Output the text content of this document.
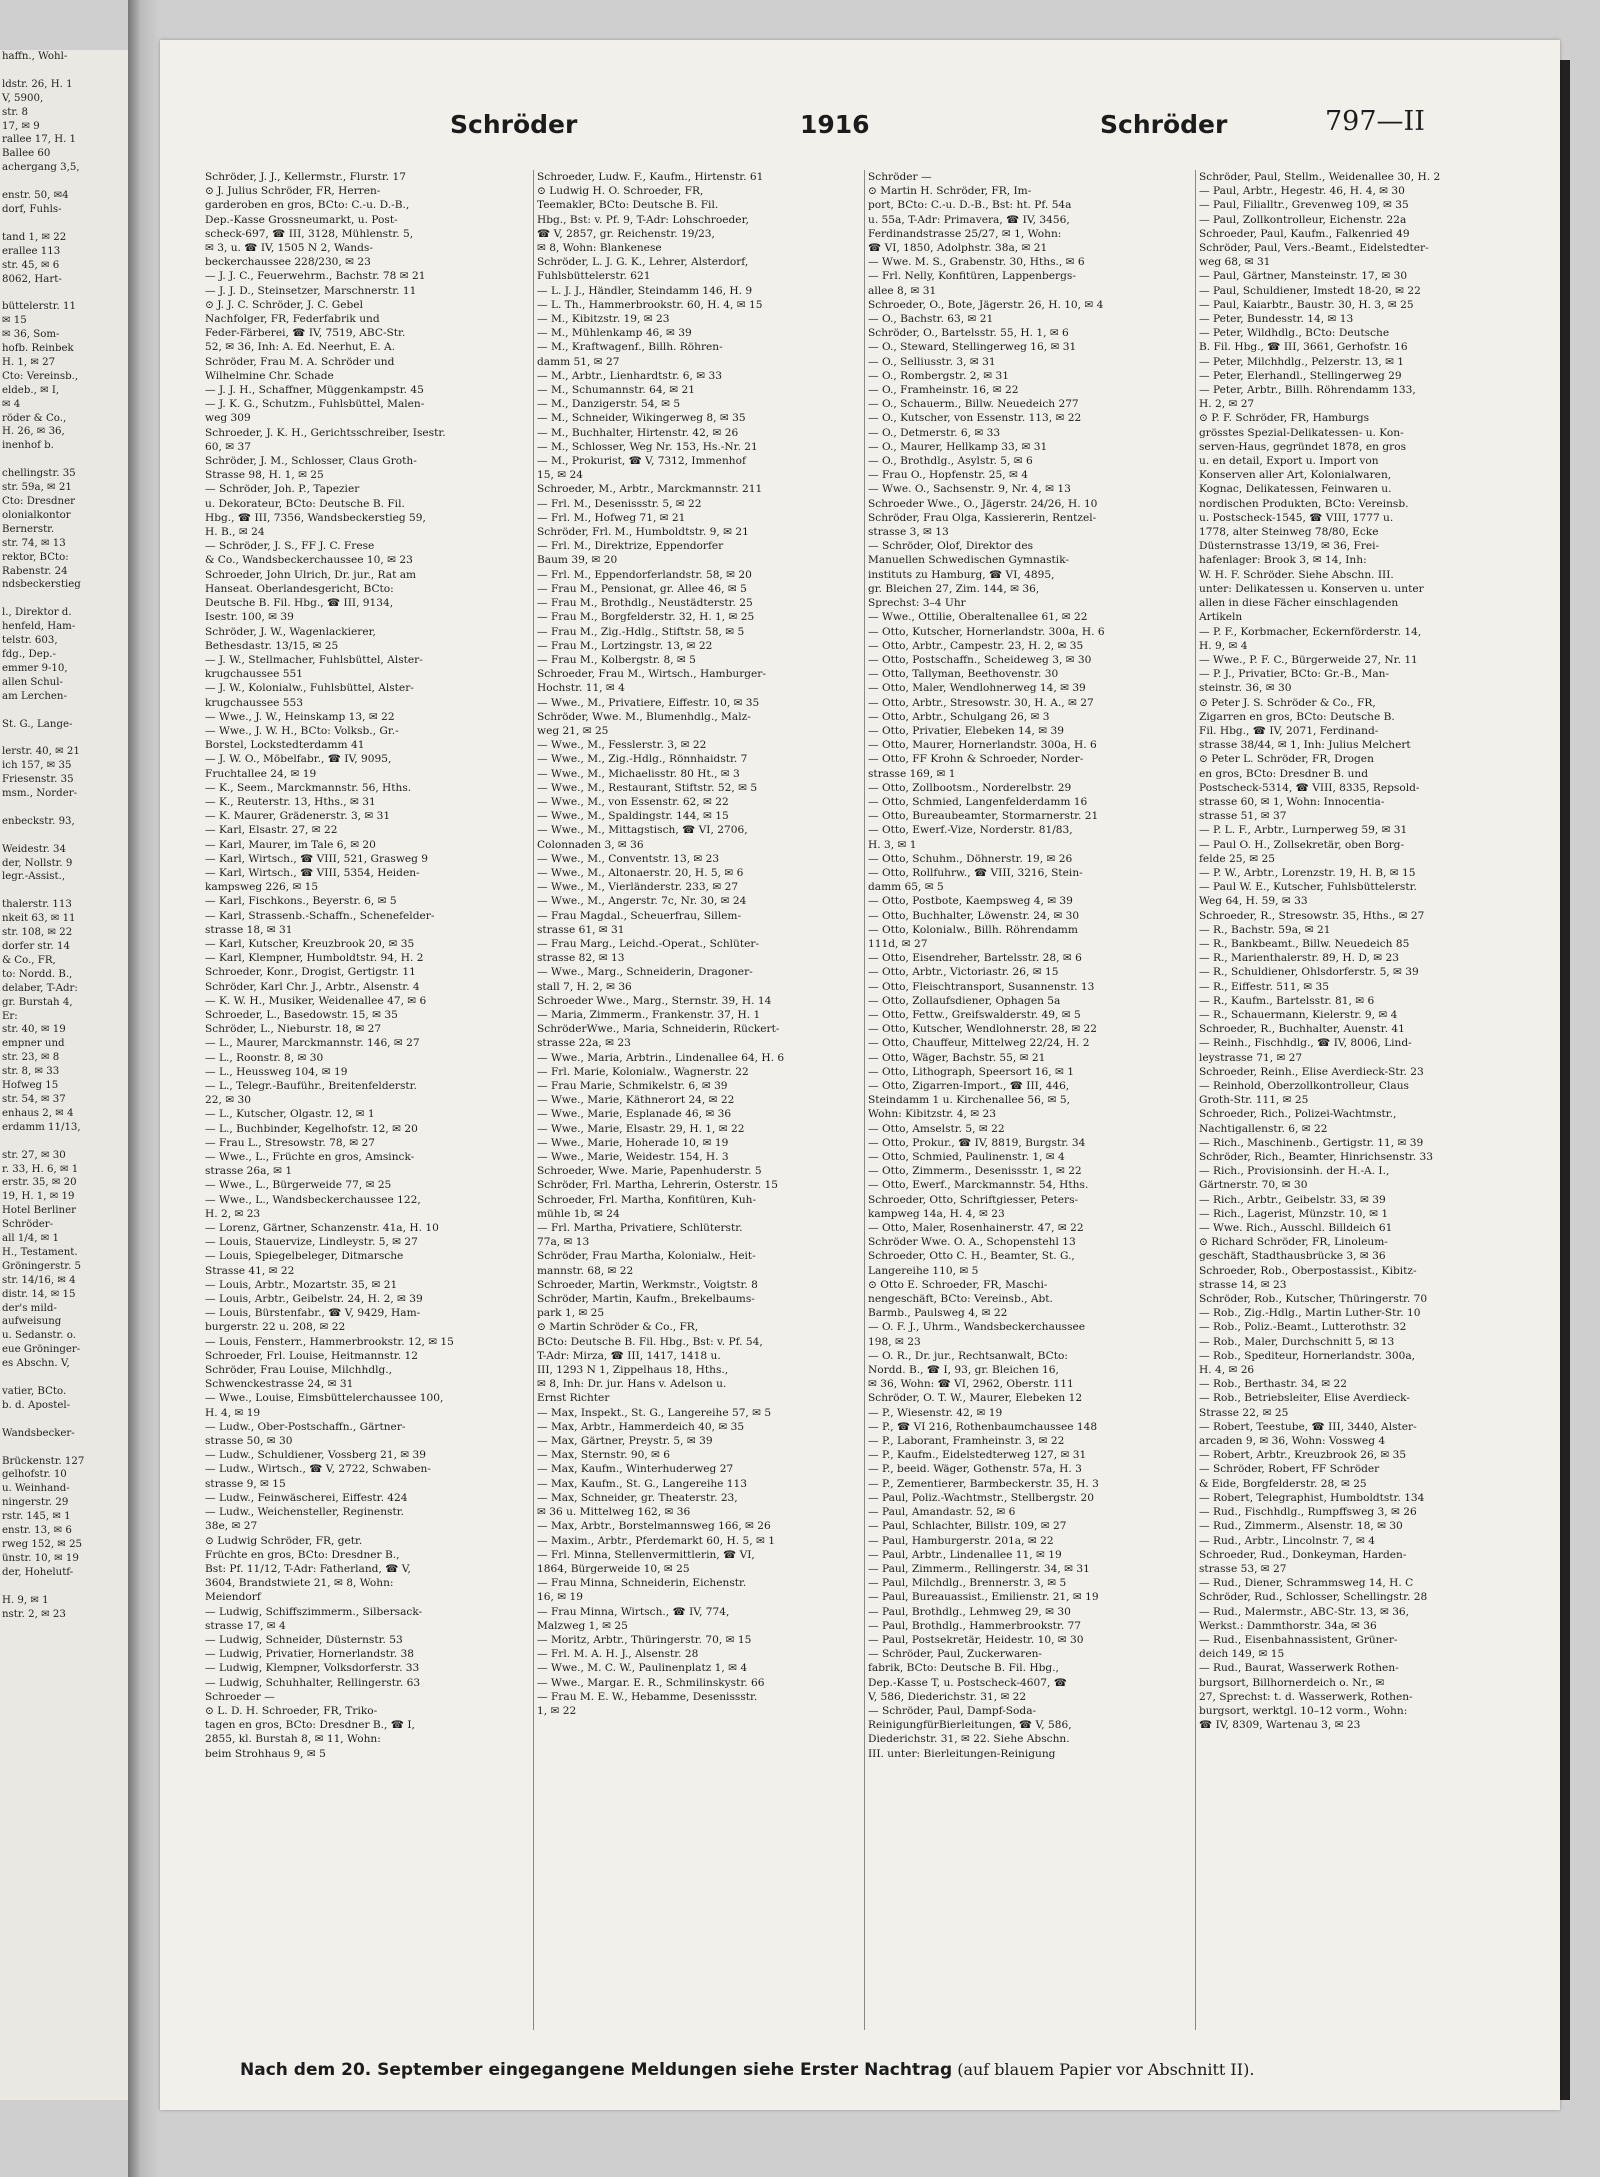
haffn., Wohl-

ldstr. 26, H. 1
V, 5900,
str. 8
17, ✉ 9
rallee 17, H. 1
Ballee 60
achergang 3,5,

enstr. 50, ✉4
dorf, Fuhls-

tand 1, ✉ 22
erallee 113
str. 45, ✉ 6
8062, Hart-

büttelerstr. 11
✉ 15
✉ 36, Som-
hofb. Reinbek
H. 1, ✉ 27
Cto: Vereinsb.,
eldeb., ✉ I,
✉ 4
röder & Co.,
H. 26, ✉ 36,
inenhof b.

chellingstr. 35
str. 59a, ✉ 21
Cto: Dresdner
olonialkontor
Bernerstr.
str. 74, ✉ 13
rektor, BCto:
Rabenstr. 24
ndsbeckerstieg

l., Direktor d.
henfeld, Ham-
telstr. 603,
fdg., Dep.-
emmer 9-10,
allen Schul-
am Lerchen-

St. G., Lange-

lerstr. 40, ✉ 21
ich 157, ✉ 35
Friesenstr. 35
msm., Norder-

enbeckstr. 93,

Weidestr. 34
der, Nollstr. 9
legr.-Assist.,

thalerstr. 113
nkeit 63, ✉ 11
str. 108, ✉ 22
dorfer str. 14
& Co., FR,
to: Nordd. B.,
delaber, T-Adr:
gr. Burstah 4,
Er:
str. 40, ✉ 19
empner und
str. 23, ✉ 8
str. 8, ✉ 33
Hofweg 15
str. 54, ✉ 37
enhaus 2, ✉ 4
erdamm 11/13,

str. 27, ✉ 30
r. 33, H. 6, ✉ 1
erstr. 35, ✉ 20
19, H. 1, ✉ 19
Hotel Berliner
Schröder-
all 1/4, ✉ 1
H., Testament.
Gröningerstr. 5
str. 14/16, ✉ 4
distr. 14, ✉ 15
der's mild-
aufweisung
u. Sedanstr. o.
eue Gröninger-
es Abschn. V,

vatier, BCto.
b. d. Apostel-

Wandsbecker-

Brückenstr. 127
gelhofstr. 10
u. Weinhand-
ningerstr. 29
rstr. 145, ✉ 1
enstr. 13, ✉ 6
rweg 152, ✉ 25
ünstr. 10, ✉ 19
der, Hohelutf-

H. 9, ✉ 1
nstr. 2, ✉ 23
Schröder	1916	Schröder	797—II
Schröder, J. J., Kellermstr., Flurstr. 17
⊙ J. Julius Schröder, FR, Herren-
garderoben en gros, BCto: C.-u. D.-B.,
Dep.-Kasse Grossneumarkt, u. Post-
scheck-697, ☎ III, 3128, Mühlenstr. 5,
✉ 3, u. ☎ IV, 1505 N 2, Wands-
beckerchaussee 228/230, ✉ 23
— J. J. C., Feuerwehrm., Bachstr. 78 ✉ 21
— J. J. D., Steinsetzer, Marschnerstr. 11
⊙ J. J. C. Schröder, J. C. Gebel
Nachfolger, FR, Federfabrik und
Feder-Färberei, ☎ IV, 7519, ABC-Str.
52, ✉ 36, Inh: A. Ed. Neerhut, E. A.
Schröder, Frau M. A. Schröder und
Wilhelmine Chr. Schade
— J. J. H., Schaffner, Müggenkampstr. 45
— J. K. G., Schutzm., Fuhlsbüttel, Malen-
weg 309
Schroeder, J. K. H., Gerichtsschreiber, Isestr.
60, ✉ 37
Schröder, J. M., Schlosser, Claus Groth-
Strasse 98, H. 1, ✉ 25
— Schröder, Joh. P., Tapezier
u. Dekorateur, BCto: Deutsche B. Fil.
Hbg., ☎ III, 7356, Wandsbeckerstieg 59,
H. B., ✉ 24
— Schröder, J. S., FF J. C. Frese
& Co., Wandsbeckerchaussee 10, ✉ 23
Schroeder, John Ulrich, Dr. jur., Rat am
Hanseat. Oberlandesgericht, BCto:
Deutsche B. Fil. Hbg., ☎ III, 9134,
Isestr. 100, ✉ 39
Schröder, J. W., Wagenlackierer,
Bethesdastr. 13/15, ✉ 25
— J. W., Stellmacher, Fuhlsbüttel, Alster-
krugchaussee 551
— J. W., Kolonialw., Fuhlsbüttel, Alster-
krugchaussee 553
— Wwe., J. W., Heinskamp 13, ✉ 22
— Wwe., J. W. H., BCto: Volksb., Gr.-
Borstel, Lockstedterdamm 41
— J. W. O., Möbelfabr., ☎ IV, 9095,
Fruchtallee 24, ✉ 19
— K., Seem., Marckmannstr. 56, Hths.
— K., Reuterstr. 13, Hths., ✉ 31
— K. Maurer, Grädenerstr. 3, ✉ 31
— Karl, Elsastr. 27, ✉ 22
— Karl, Maurer, im Tale 6, ✉ 20
— Karl, Wirtsch., ☎ VIII, 521, Grasweg 9
— Karl, Wirtsch., ☎ VIII, 5354, Heiden-
kampsweg 226, ✉ 15
— Karl, Fischkons., Beyerstr. 6, ✉ 5
— Karl, Strassenb.-Schaffn., Schenefelder-
strasse 18, ✉ 31
— Karl, Kutscher, Kreuzbrook 20, ✉ 35
— Karl, Klempner, Humboldtstr. 94, H. 2
Schroeder, Konr., Drogist, Gertigstr. 11
Schröder, Karl Chr. J., Arbtr., Alsenstr. 4
— K. W. H., Musiker, Weidenallee 47, ✉ 6
Schroeder, L., Basedowstr. 15, ✉ 35
Schröder, L., Nieburstr. 18, ✉ 27
— L., Maurer, Marckmannstr. 146, ✉ 27
— L., Roonstr. 8, ✉ 30
— L., Heussweg 104, ✉ 19
— L., Telegr.-Bauführ., Breitenfelderstr.
22, ✉ 30
— L., Kutscher, Olgastr. 12, ✉ 1
— L., Buchbinder, Kegelhofstr. 12, ✉ 20
— Frau L., Stresowstr. 78, ✉ 27
— Wwe., L., Früchte en gros, Amsinck-
strasse 26a, ✉ 1
— Wwe., L., Bürgerweide 77, ✉ 25
— Wwe., L., Wandsbeckerchaussee 122,
H. 2, ✉ 23
— Lorenz, Gärtner, Schanzenstr. 41a, H. 10
— Louis, Stauervize, Lindleystr. 5, ✉ 27
— Louis, Spiegelbeleger, Ditmarsche
Strasse 41, ✉ 22
— Louis, Arbtr., Mozartstr. 35, ✉ 21
— Louis, Arbtr., Geibelstr. 24, H. 2, ✉ 39
— Louis, Bürstenfabr., ☎ V, 9429, Ham-
burgerstr. 22 u. 208, ✉ 22
— Louis, Fensterr., Hammerbrookstr. 12, ✉ 15
Schroeder, Frl. Louise, Heitmannstr. 12
Schröder, Frau Louise, Milchhdlg.,
Schwenckestrasse 24, ✉ 31
— Wwe., Louise, Eimsbüttelerchaussee 100,
H. 4, ✉ 19
— Ludw., Ober-Postschaffn., Gärtner-
strasse 50, ✉ 30
— Ludw., Schuldiener, Vossberg 21, ✉ 39
— Ludw., Wirtsch., ☎ V, 2722, Schwaben-
strasse 9, ✉ 15
— Ludw., Feinwäscherei, Eiffestr. 424
— Ludw., Weichensteller, Reginenstr.
38e, ✉ 27
⊙ Ludwig Schröder, FR, getr.
Früchte en gros, BCto: Dresdner B.,
Bst: Pf. 11/12, T-Adr: Fatherland, ☎ V,
3604, Brandstwiete 21, ✉ 8, Wohn:
Meiendorf
— Ludwig, Schiffszimmerm., Silbersack-
strasse 17, ✉ 4
— Ludwig, Schneider, Düsternstr. 53
— Ludwig, Privatier, Hornerlandstr. 38
— Ludwig, Klempner, Volksdorferstr. 33
— Ludwig, Schuhhalter, Rellingerstr. 63
Schroeder —
⊙ L. D. H. Schroeder, FR, Triko-
tagen en gros, BCto: Dresdner B., ☎ I,
2855, kl. Burstah 8, ✉ 11, Wohn:
beim Strohhaus 9, ✉ 5
Schroeder, Ludw. F., Kaufm., Hirtenstr. 61
⊙ Ludwig H. O. Schroeder, FR,
Teemakler, BCto: Deutsche B. Fil.
Hbg., Bst: v. Pf. 9, T-Adr: Lohschroeder,
☎ V, 2857, gr. Reichenstr. 19/23,
✉ 8, Wohn: Blankenese
Schröder, L. J. G. K., Lehrer, Alsterdorf,
Fuhlsbüttelerstr. 621
— L. J. J., Händler, Steindamm 146, H. 9
— L. Th., Hammerbrookstr. 60, H. 4, ✉ 15
— M., Kibitzstr. 19, ✉ 23
— M., Mühlenkamp 46, ✉ 39
— M., Kraftwagenf., Billh. Röhren-
damm 51, ✉ 27
— M., Arbtr., Lienhardtstr. 6, ✉ 33
— M., Schumannstr. 64, ✉ 21
— M., Danzigerstr. 54, ✉ 5
— M., Schneider, Wikingerweg 8, ✉ 35
— M., Buchhalter, Hirtenstr. 42, ✉ 26
— M., Schlosser, Weg Nr. 153, Hs.-Nr. 21
— M., Prokurist, ☎ V, 7312, Immenhof
15, ✉ 24
Schroeder, M., Arbtr., Marckmannstr. 211
— Frl. M., Desenissstr. 5, ✉ 22
— Frl. M., Hofweg 71, ✉ 21
Schröder, Frl. M., Humboldtstr. 9, ✉ 21
— Frl. M., Direktrize, Eppendorfer
Baum 39, ✉ 20
— Frl. M., Eppendorferlandstr. 58, ✉ 20
— Frau M., Pensionat, gr. Allee 46, ✉ 5
— Frau M., Brothdlg., Neustädterstr. 25
— Frau M., Borgfelderstr. 32, H. 1, ✉ 25
— Frau M., Zig.-Hdlg., Stiftstr. 58, ✉ 5
— Frau M., Lortzingstr. 13, ✉ 22
— Frau M., Kolbergstr. 8, ✉ 5
Schroeder, Frau M., Wirtsch., Hamburger-
Hochstr. 11, ✉ 4
— Wwe., M., Privatiere, Eiffestr. 10, ✉ 35
Schröder, Wwe. M., Blumenhdlg., Malz-
weg 21, ✉ 25
— Wwe., M., Fesslerstr. 3, ✉ 22
— Wwe., M., Zig.-Hdlg., Rönnhaidstr. 7
— Wwe., M., Michaelisstr. 80 Ht., ✉ 3
— Wwe., M., Restaurant, Stiftstr. 52, ✉ 5
— Wwe., M., von Essenstr. 62, ✉ 22
— Wwe., M., Spaldingstr. 144, ✉ 15
— Wwe., M., Mittagstisch, ☎ VI, 2706,
Colonnaden 3, ✉ 36
— Wwe., M., Conventstr. 13, ✉ 23
— Wwe., M., Altonaerstr. 20, H. 5, ✉ 6
— Wwe., M., Vierländerstr. 233, ✉ 27
— Wwe., M., Angerstr. 7c, Nr. 30, ✉ 24
— Frau Magdal., Scheuerfrau, Sillem-
strasse 61, ✉ 31
— Frau Marg., Leichd.-Operat., Schlüter-
strasse 82, ✉ 13
— Wwe., Marg., Schneiderin, Dragoner-
stall 7, H. 2, ✉ 36
Schroeder Wwe., Marg., Sternstr. 39, H. 14
— Maria, Zimmerm., Frankenstr. 37, H. 1
SchröderWwe., Maria, Schneiderin, Rückert-
strasse 22a, ✉ 23
— Wwe., Maria, Arbtrin., Lindenallee 64, H. 6
— Frl. Marie, Kolonialw., Wagnerstr. 22
— Frau Marie, Schmikelstr. 6, ✉ 39
— Wwe., Marie, Käthnerort 24, ✉ 22
— Wwe., Marie, Esplanade 46, ✉ 36
— Wwe., Marie, Elsastr. 29, H. 1, ✉ 22
— Wwe., Marie, Hoherade 10, ✉ 19
— Wwe., Marie, Weidestr. 154, H. 3
Schroeder, Wwe. Marie, Papenhuderstr. 5
Schröder, Frl. Martha, Lehrerin, Osterstr. 15
Schroeder, Frl. Martha, Konfitüren, Kuh-
mühle 1b, ✉ 24
— Frl. Martha, Privatiere, Schlüterstr.
77a, ✉ 13
Schröder, Frau Martha, Kolonialw., Heit-
mannstr. 68, ✉ 22
Schroeder, Martin, Werkmstr., Voigtstr. 8
Schröder, Martin, Kaufm., Brekelbaums-
park 1, ✉ 25
⊙ Martin Schröder & Co., FR,
BCto: Deutsche B. Fil. Hbg., Bst: v. Pf. 54,
T-Adr: Mirza, ☎ III, 1417, 1418 u.
III, 1293 N 1, Zippelhaus 18, Hths.,
✉ 8, Inh: Dr. jur. Hans v. Adelson u.
Ernst Richter
— Max, Inspekt., St. G., Langereihe 57, ✉ 5
— Max, Arbtr., Hammerdeich 40, ✉ 35
— Max, Gärtner, Preystr. 5, ✉ 39
— Max, Sternstr. 90, ✉ 6
— Max, Kaufm., Winterhuderweg 27
— Max, Kaufm., St. G., Langereihe 113
— Max, Schneider, gr. Theaterstr. 23,
✉ 36 u. Mittelweg 162, ✉ 36
— Max, Arbtr., Borstelmannsweg 166, ✉ 26
— Maxim., Arbtr., Pferdemarkt 60, H. 5, ✉ 1
— Frl. Minna, Stellenvermittlerin, ☎ VI,
1864, Bürgerweide 10, ✉ 25
— Frau Minna, Schneiderin, Eichenstr.
16, ✉ 19
— Frau Minna, Wirtsch., ☎ IV, 774,
Malzweg 1, ✉ 25
— Moritz, Arbtr., Thüringerstr. 70, ✉ 15
— Frl. M. A. H. J., Alsenstr. 28
— Wwe., M. C. W., Paulinenplatz 1, ✉ 4
— Wwe., Margar. E. R., Schmilinskystr. 66
— Frau M. E. W., Hebamme, Desenissstr.
1, ✉ 22
Schröder —
⊙ Martin H. Schröder, FR, Im-
port, BCto: C.-u. D.-B., Bst: ht. Pf. 54a
u. 55a, T-Adr: Primavera, ☎ IV, 3456,
Ferdinandstrasse 25/27, ✉ 1, Wohn:
☎ VI, 1850, Adolphstr. 38a, ✉ 21
— Wwe. M. S., Grabenstr. 30, Hths., ✉ 6
— Frl. Nelly, Konfitüren, Lappenbergs-
allee 8, ✉ 31
Schroeder, O., Bote, Jägerstr. 26, H. 10, ✉ 4
— O., Bachstr. 63, ✉ 21
Schröder, O., Bartelsstr. 55, H. 1, ✉ 6
— O., Steward, Stellingerweg 16, ✉ 31
— O., Selliusstr. 3, ✉ 31
— O., Rombergstr. 2, ✉ 31
— O., Framheinstr. 16, ✉ 22
— O., Schauerm., Billw. Neuedeich 277
— O., Kutscher, von Essenstr. 113, ✉ 22
— O., Detmerstr. 6, ✉ 33
— O., Maurer, Hellkamp 33, ✉ 31
— O., Brothdlg., Asylstr. 5, ✉ 6
— Frau O., Hopfenstr. 25, ✉ 4
— Wwe. O., Sachsenstr. 9, Nr. 4, ✉ 13
Schroeder Wwe., O., Jägerstr. 24/26, H. 10
Schröder, Frau Olga, Kassiererin, Rentzel-
strasse 3, ✉ 13
— Schröder, Olof, Direktor des
Manuellen Schwedischen Gymnastik-
instituts zu Hamburg, ☎ VI, 4895,
gr. Bleichen 27, Zim. 144, ✉ 36,
Sprechst: 3–4 Uhr
— Wwe., Ottilie, Oberaltenallee 61, ✉ 22
— Otto, Kutscher, Hornerlandstr. 300a, H. 6
— Otto, Arbtr., Campestr. 23, H. 2, ✉ 35
— Otto, Postschaffn., Scheideweg 3, ✉ 30
— Otto, Tallyman, Beethovenstr. 30
— Otto, Maler, Wendlohnerweg 14, ✉ 39
— Otto, Arbtr., Stresowstr. 30, H. A., ✉ 27
— Otto, Arbtr., Schulgang 26, ✉ 3
— Otto, Privatier, Elebeken 14, ✉ 39
— Otto, Maurer, Hornerlandstr. 300a, H. 6
— Otto, FF Krohn & Schroeder, Norder-
strasse 169, ✉ 1
— Otto, Zollbootsm., Norderelbstr. 29
— Otto, Schmied, Langenfelderdamm 16
— Otto, Bureaubeamter, Stormarnerstr. 21
— Otto, Ewerf.-Vize, Norderstr. 81/83,
H. 3, ✉ 1
— Otto, Schuhm., Döhnerstr. 19, ✉ 26
— Otto, Rollfuhrw., ☎ VIII, 3216, Stein-
damm 65, ✉ 5
— Otto, Postbote, Kaempsweg 4, ✉ 39
— Otto, Buchhalter, Löwenstr. 24, ✉ 30
— Otto, Kolonialw., Billh. Röhrendamm
111d, ✉ 27
— Otto, Eisendreher, Bartelsstr. 28, ✉ 6
— Otto, Arbtr., Victoriastr. 26, ✉ 15
— Otto, Fleischtransport, Susannenstr. 13
— Otto, Zollaufsdiener, Ophagen 5a
— Otto, Fettw., Greifswalderstr. 49, ✉ 5
— Otto, Kutscher, Wendlohnerstr. 28, ✉ 22
— Otto, Chauffeur, Mittelweg 22/24, H. 2
— Otto, Wäger, Bachstr. 55, ✉ 21
— Otto, Lithograph, Speersort 16, ✉ 1
— Otto, Zigarren-Import., ☎ III, 446,
Steindamm 1 u. Kirchenallee 56, ✉ 5,
Wohn: Kibitzstr. 4, ✉ 23
— Otto, Amselstr. 5, ✉ 22
— Otto, Prokur., ☎ IV, 8819, Burgstr. 34
— Otto, Schmied, Paulinenstr. 1, ✉ 4
— Otto, Zimmerm., Desenissstr. 1, ✉ 22
— Otto, Ewerf., Marckmannstr. 54, Hths.
Schroeder, Otto, Schriftgiesser, Peters-
kampweg 14a, H. 4, ✉ 23
— Otto, Maler, Rosenhainerstr. 47, ✉ 22
Schröder Wwe. O. A., Schopenstehl 13
Schroeder, Otto C. H., Beamter, St. G.,
Langereihe 110, ✉ 5
⊙ Otto E. Schroeder, FR, Maschi-
nengeschäft, BCto: Vereinsb., Abt.
Barmb., Paulsweg 4, ✉ 22
— O. F. J., Uhrm., Wandsbeckerchaussee
198, ✉ 23
— O. R., Dr. jur., Rechtsanwalt, BCto:
Nordd. B., ☎ I, 93, gr. Bleichen 16,
✉ 36, Wohn: ☎ VI, 2962, Oberstr. 111
Schröder, O. T. W., Maurer, Elebeken 12
— P., Wiesenstr. 42, ✉ 19
— P., ☎ VI 216, Rothenbaumchaussee 148
— P., Laborant, Framheinstr. 3, ✉ 22
— P., Kaufm., Eidelstedterweg 127, ✉ 31
— P., beeid. Wäger, Gothenstr. 57a, H. 3
— P., Zementierer, Barmbeckerstr. 35, H. 3
— Paul, Poliz.-Wachtmstr., Stellbergstr. 20
— Paul, Amandastr. 52, ✉ 6
— Paul, Schlachter, Billstr. 109, ✉ 27
— Paul, Hamburgerstr. 201a, ✉ 22
— Paul, Arbtr., Lindenallee 11, ✉ 19
— Paul, Zimmerm., Rellingerstr. 34, ✉ 31
— Paul, Milchdlg., Brennerstr. 3, ✉ 5
— Paul, Bureauassist., Emilienstr. 21, ✉ 19
— Paul, Brothdlg., Lehmweg 29, ✉ 30
— Paul, Brothdlg., Hammerbrookstr. 77
— Paul, Postsekretär, Heidestr. 10, ✉ 30
— Schröder, Paul, Zuckerwaren-
fabrik, BCto: Deutsche B. Fil. Hbg.,
Dep.-Kasse T, u. Postscheck-4607, ☎
V, 586, Diederichstr. 31, ✉ 22
— Schröder, Paul, Dampf-Soda-
ReinigungfürBierleitungen, ☎ V, 586,
Diederichstr. 31, ✉ 22. Siehe Abschn.
III. unter: Bierleitungen-Reinigung
Schröder, Paul, Stellm., Weidenallee 30, H. 2
— Paul, Arbtr., Hegestr. 46, H. 4, ✉ 30
— Paul, Filialltr., Grevenweg 109, ✉ 35
— Paul, Zollkontrolleur, Eichenstr. 22a
Schroeder, Paul, Kaufm., Falkenried 49
Schröder, Paul, Vers.-Beamt., Eidelstedter-
weg 68, ✉ 31
— Paul, Gärtner, Mansteinstr. 17, ✉ 30
— Paul, Schuldiener, Imstedt 18-20, ✉ 22
— Paul, Kaiarbtr., Baustr. 30, H. 3, ✉ 25
— Peter, Bundesstr. 14, ✉ 13
— Peter, Wildhdlg., BCto: Deutsche
B. Fil. Hbg., ☎ III, 3661, Gerhofstr. 16
— Peter, Milchhdlg., Pelzerstr. 13, ✉ 1
— Peter, Elerhandl., Stellingerweg 29
— Peter, Arbtr., Billh. Röhrendamm 133,
H. 2, ✉ 27
⊙ P. F. Schröder, FR, Hamburgs
grösstes Spezial-Delikatessen- u. Kon-
serven-Haus, gegründet 1878, en gros
u. en detail, Export u. Import von
Konserven aller Art, Kolonialwaren,
Kognac, Delikatessen, Feinwaren u.
nordischen Produkten, BCto: Vereinsb.
u. Postscheck-1545, ☎ VIII, 1777 u.
1778, alter Steinweg 78/80, Ecke
Düsternstrasse 13/19, ✉ 36, Frei-
hafenlager: Brook 3, ✉ 14, Inh:
W. H. F. Schröder. Siehe Abschn. III.
unter: Delikatessen u. Konserven u. unter
allen in diese Fächer einschlagenden
Artikeln
— P. F., Korbmacher, Eckernförderstr. 14,
H. 9, ✉ 4
— Wwe., P. F. C., Bürgerweide 27, Nr. 11
— P. J., Privatier, BCto: Gr.-B., Man-
steinstr. 36, ✉ 30
⊙ Peter J. S. Schröder & Co., FR,
Zigarren en gros, BCto: Deutsche B.
Fil. Hbg., ☎ IV, 2071, Ferdinand-
strasse 38/44, ✉ 1, Inh: Julius Melchert
⊙ Peter L. Schröder, FR, Drogen
en gros, BCto: Dresdner B. und
Postscheck-5314, ☎ VIII, 8335, Repsold-
strasse 60, ✉ 1, Wohn: Innocentia-
strasse 51, ✉ 37
— P. L. F., Arbtr., Lurnperweg 59, ✉ 31
— Paul O. H., Zollsekretär, oben Borg-
felde 25, ✉ 25
— P. W., Arbtr., Lorenzstr. 19, H. B, ✉ 15
— Paul W. E., Kutscher, Fuhlsbüttelerstr.
Weg 64, H. 59, ✉ 33
Schroeder, R., Stresowstr. 35, Hths., ✉ 27
— R., Bachstr. 59a, ✉ 21
— R., Bankbeamt., Billw. Neuedeich 85
— R., Marienthalerstr. 89, H. D, ✉ 23
— R., Schuldiener, Ohlsdorferstr. 5, ✉ 39
— R., Eiffestr. 511, ✉ 35
— R., Kaufm., Bartelsstr. 81, ✉ 6
— R., Schauermann, Kielerstr. 9, ✉ 4
Schroeder, R., Buchhalter, Auenstr. 41
— Reinh., Fischhdlg., ☎ IV, 8006, Lind-
leystrasse 71, ✉ 27
Schroeder, Reinh., Elise Averdieck-Str. 23
— Reinhold, Oberzollkontrolleur, Claus
Groth-Str. 111, ✉ 25
Schroeder, Rich., Polizei-Wachtmstr.,
Nachtigallenstr. 6, ✉ 22
— Rich., Maschinenb., Gertigstr. 11, ✉ 39
Schröder, Rich., Beamter, Hinrichsenstr. 33
— Rich., Provisionsinh. der H.-A. I.,
Gärtnerstr. 70, ✉ 30
— Rich., Arbtr., Geibelstr. 33, ✉ 39
— Rich., Lagerist, Münzstr. 10, ✉ 1
— Wwe. Rich., Ausschl. Billdeich 61
⊙ Richard Schröder, FR, Linoleum-
geschäft, Stadthausbrücke 3, ✉ 36
Schroeder, Rob., Oberpostassist., Kibitz-
strasse 14, ✉ 23
Schröder, Rob., Kutscher, Thüringerstr. 70
— Rob., Zig.-Hdlg., Martin Luther-Str. 10
— Rob., Poliz.-Beamt., Lutterothstr. 32
— Rob., Maler, Durchschnitt 5, ✉ 13
— Rob., Spediteur, Hornerlandstr. 300a,
H. 4, ✉ 26
— Rob., Berthastr. 34, ✉ 22
— Rob., Betriebsleiter, Elise Averdieck-
Strasse 22, ✉ 25
— Robert, Teestube, ☎ III, 3440, Alster-
arcaden 9, ✉ 36, Wohn: Vossweg 4
— Robert, Arbtr., Kreuzbrook 26, ✉ 35
— Schröder, Robert, FF Schröder
& Eide, Borgfelderstr. 28, ✉ 25
— Robert, Telegraphist, Humboldtstr. 134
— Rud., Fischhdlg., Rumpffsweg 3, ✉ 26
— Rud., Zimmerm., Alsenstr. 18, ✉ 30
— Rud., Arbtr., Lincolnstr. 7, ✉ 4
Schroeder, Rud., Donkeyman, Harden-
strasse 53, ✉ 27
— Rud., Diener, Schrammsweg 14, H. C
Schröder, Rud., Schlosser, Schellingstr. 28
— Rud., Malermstr., ABC-Str. 13, ✉ 36,
Werkst.: Dammthorstr. 34a, ✉ 36
— Rud., Eisenbahnassistent, Grüner-
deich 149, ✉ 15
— Rud., Baurat, Wasserwerk Rothen-
burgsort, Billhornerdeich o. Nr., ✉
27, Sprechst: t. d. Wasserwerk, Rothen-
burgsort, werktgl. 10–12 vorm., Wohn:
☎ IV, 8309, Wartenau 3, ✉ 23
Nach dem 20. September eingegangene Meldungen siehe Erster Nachtrag (auf blauem Papier vor Abschnitt II).
